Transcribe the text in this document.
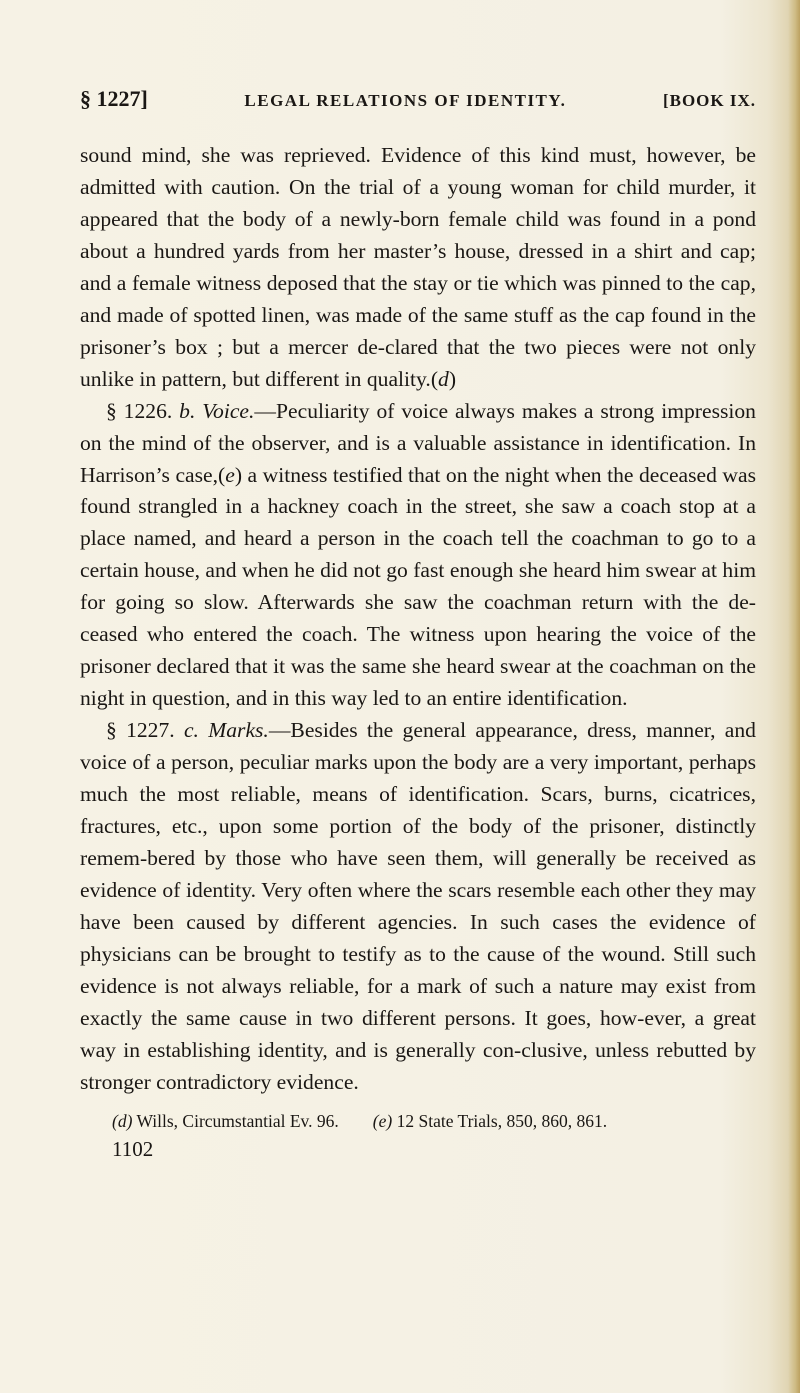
§ 1227]	LEGAL RELATIONS OF IDENTITY.	[BOOK IX.

sound mind, she was reprieved. Evidence of this kind must, however, be admitted with caution. On the trial of a young woman for child murder, it appeared that the body of a newly-born female child was found in a pond about a hundred yards from her master’s house, dressed in a shirt and cap; and a female witness deposed that the stay or tie which was pinned to the cap, and made of spotted linen, was made of the same stuff as the cap found in the prisoner’s box ; but a mercer de-clared that the two pieces were not only unlike in pattern, but different in quality.(d)

§ 1226. b. Voice.—Peculiarity of voice always makes a strong impression on the mind of the observer, and is a valuable assistance in identification. In Harrison’s case,(e) a witness testified that on the night when the deceased was found strangled in a hackney coach in the street, she saw a coach stop at a place named, and heard a person in the coach tell the coachman to go to a certain house, and when he did not go fast enough she heard him swear at him for going so slow. Afterwards she saw the coachman return with the de-ceased who entered the coach. The witness upon hearing the voice of the prisoner declared that it was the same she heard swear at the coachman on the night in question, and in this way led to an entire identification.

§ 1227. c. Marks.—Besides the general appearance, dress, manner, and voice of a person, peculiar marks upon the body are a very important, perhaps much the most reliable, means of identification. Scars, burns, cicatrices, fractures, etc., upon some portion of the body of the prisoner, distinctly remem-bered by those who have seen them, will generally be received as evidence of identity. Very often where the scars resemble each other they may have been caused by different agencies. In such cases the evidence of physicians can be brought to testify as to the cause of the wound. Still such evidence is not always reliable, for a mark of such a nature may exist from exactly the same cause in two different persons. It goes, how-ever, a great way in establishing identity, and is generally con-clusive, unless rebutted by stronger contradictory evidence.

(d) Wills, Circumstantial Ev. 96. (e) 12 State Trials, 850, 860, 861.
1102
